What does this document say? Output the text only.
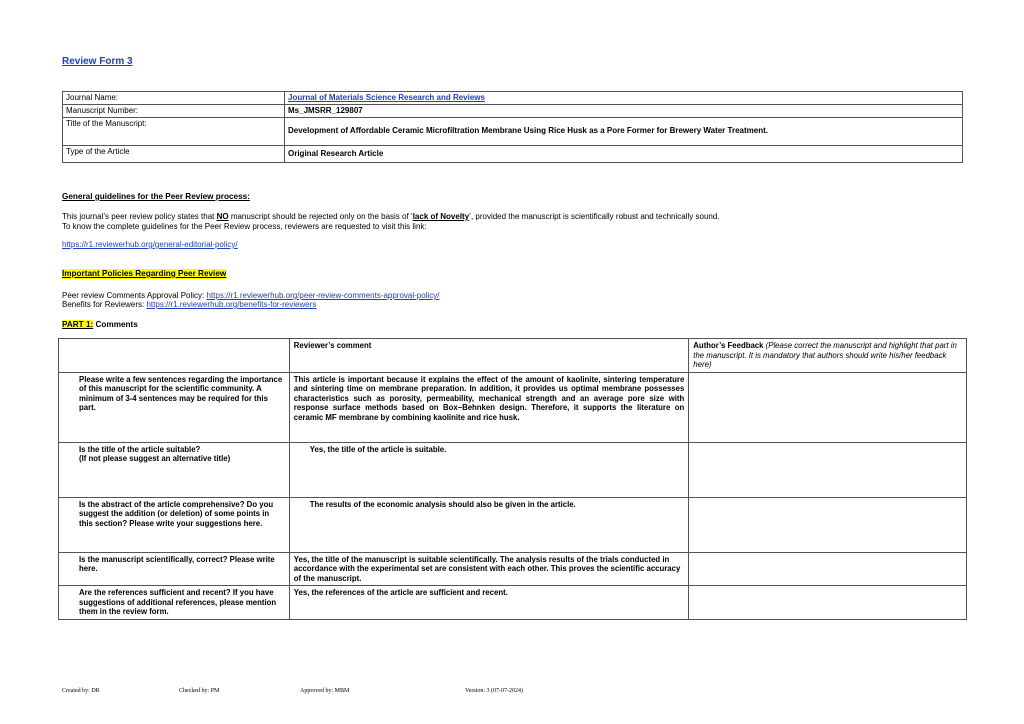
Review Form 3
Journal Name:	Journal of Materials Science Research and Reviews
Manuscript Number:	Ms_JMSRR_129807
Title of the Manuscript:	Development of Affordable Ceramic Microfiltration Membrane Using Rice Husk as a Pore Former for Brewery Water Treatment.
Type of the Article	Original Research Article
General guidelines for the Peer Review process:
This journal’s peer review policy states that NO manuscript should be rejected only on the basis of ‘lack of Novelty’, provided the manuscript is scientifically robust and technically sound.
To know the complete guidelines for the Peer Review process, reviewers are requested to visit this link:
https://r1.reviewerhub.org/general-editorial-policy/
Important Policies Regarding Peer Review
Peer review Comments Approval Policy: https://r1.reviewerhub.org/peer-review-comments-approval-policy/
Benefits for Reviewers: https://r1.reviewerhub.org/benefits-for-reviewers
PART 1: Comments
	Reviewer’s comment	Author’s Feedback (Please correct the manuscript and highlight that part in the manuscript. It is mandatory that authors should write his/her feedback here)
Please write a few sentences regarding the importance of this manuscript for the scientific community. A minimum of 3-4 sentences may be required for this part.	This article is important because it explains the effect of the amount of kaolinite, sintering temperature and sintering time on membrane preparation. In addition, it provides us optimal membrane possesses characteristics such as porosity, permeability, mechanical strength and an average pore size with response surface methods based on Box–Behnken design. Therefore, it supports the literature on ceramic MF membrane by combining kaolinite and rice husk.	
Is the title of the article suitable?
(If not please suggest an alternative title)	Yes, the title of the article is suitable.	
Is the abstract of the article comprehensive? Do you suggest the addition (or deletion) of some points in this section? Please write your suggestions here.	The results of the economic analysis should also be given in the article.	
Is the manuscript scientifically, correct? Please write here.	Yes, the title of the manuscript is suitable scientifically. The analysis results of the trials conducted in accordance with the experimental set are consistent with each other. This proves the scientific accuracy of the manuscript.	
Are the references sufficient and recent? If you have suggestions of additional references, please mention them in the review form.	Yes, the references of the article are sufficient and recent.	
Created by: DR	Checked by: PM	Approved by: MBM	Version: 3 (07-07-2024)
